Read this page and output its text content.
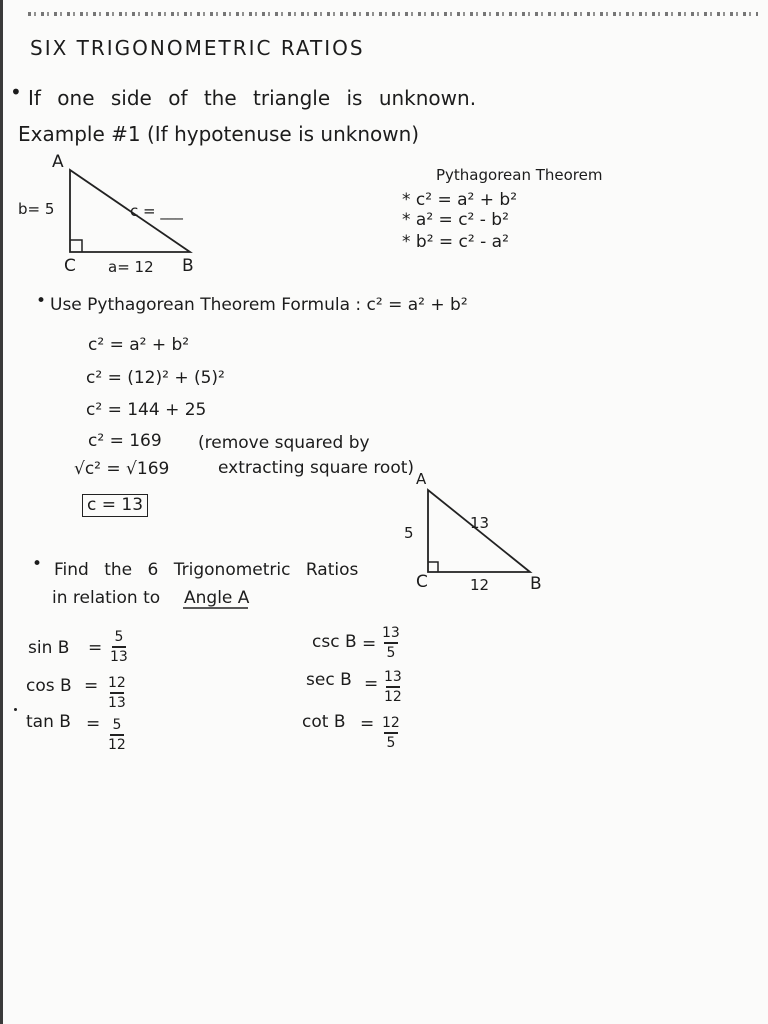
SIX TRIGONOMETRIC RATIOS
• If one side of the triangle is unknown.
Example #1 (If hypotenuse is unknown)
A
C	B
b= 5
a= 12
c = ___
Pythagorean Theorem
* c² = a² + b²
* a² = c² - b²
* b² = c² - a²
• Use Pythagorean Theorem Formula : c² = a² + b²
c² = a² + b²
c² = (12)² + (5)²
c² = 144 + 25
c² = 169
√c² = √169
c = 13
(remove squared by
extracting square root)
A
C	B
5
12
13
• Find the 6 Trigonometric Ratios
in relation to Angle A
sin B =
5
13
cos B = 12
13
tan B = 5
12
csc B =
13
5
sec B = 13
12
cot B = 12
5
